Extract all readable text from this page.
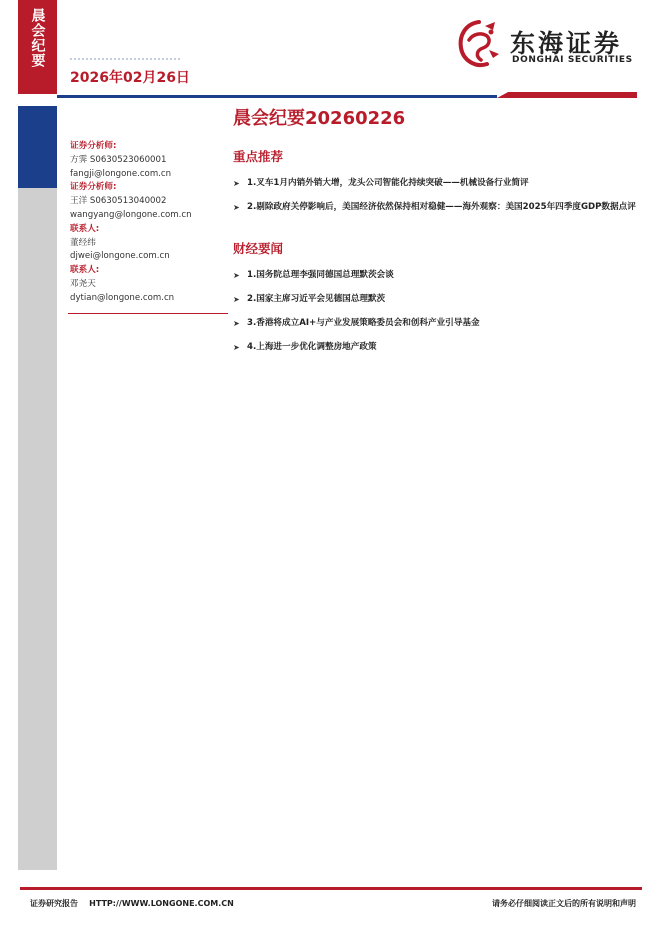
晨会纪要
2026年02月26日
东海证券
DONGHAI SECURITIES
证券分析师:
方霁 S0630523060001
fangji@longone.com.cn
证券分析师:
王洋 S0630513040002
wangyang@longone.com.cn
联系人:
董经纬
djwei@longone.com.cn
联系人:
邓尧天
dytian@longone.com.cn
晨会纪要20260226
重点推荐
➤ 1.叉车1月内销外销大增，龙头公司智能化持续突破——机械设备行业简评
➤ 2.剔除政府关停影响后，美国经济依然保持相对稳健——海外观察：美国2025年四季度GDP数据点评
财经要闻
➤ 1.国务院总理李强同德国总理默茨会谈
➤ 2.国家主席习近平会见德国总理默茨
➤ 3.香港将成立AI+与产业发展策略委员会和创科产业引导基金
➤ 4.上海进一步优化调整房地产政策
证券研究报告    HTTP://WWW.LONGONE.COM.CN	请务必仔细阅读正文后的所有说明和声明
